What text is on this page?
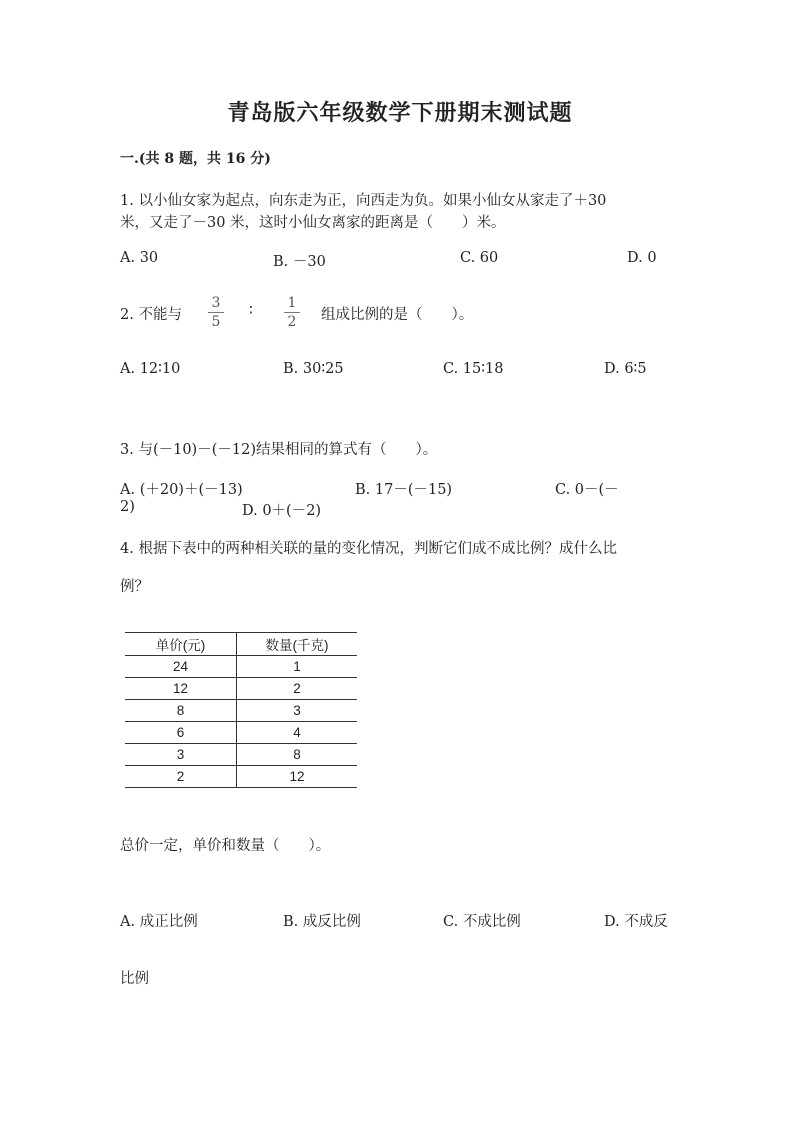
青岛版六年级数学下册期末测试题
一.(共 8 题，共 16 分)
1. 以小仙女家为起点，向东走为正，向西走为负。如果小仙女从家走了＋30
米，又走了－30 米，这时小仙女离家的距离是（　　）米。
A. 30	B. －30	C. 60	D. 0
2. 不能与
3
5
∶ 1
2 组成比例的是（　　）。
A. 12∶10	B. 30∶25	C. 15∶18	D. 6∶5
3. 与(－10)－(－12)结果相同的算式有（　　）。
A. (＋20)＋(－13)	B. 17－(－15)	C. 0－(－
2)	D. 0＋(－2)
4. 根据下表中的两种相关联的量的变化情况，判断它们成不成比例？成什么比
例？
单价(元)	数量(千克)
24	1
12	2
8	3
6	4
3	8
2	12
总价一定，单价和数量（　　）。
A. 成正比例	B. 成反比例	C. 不成比例	D. 不成反
比例
